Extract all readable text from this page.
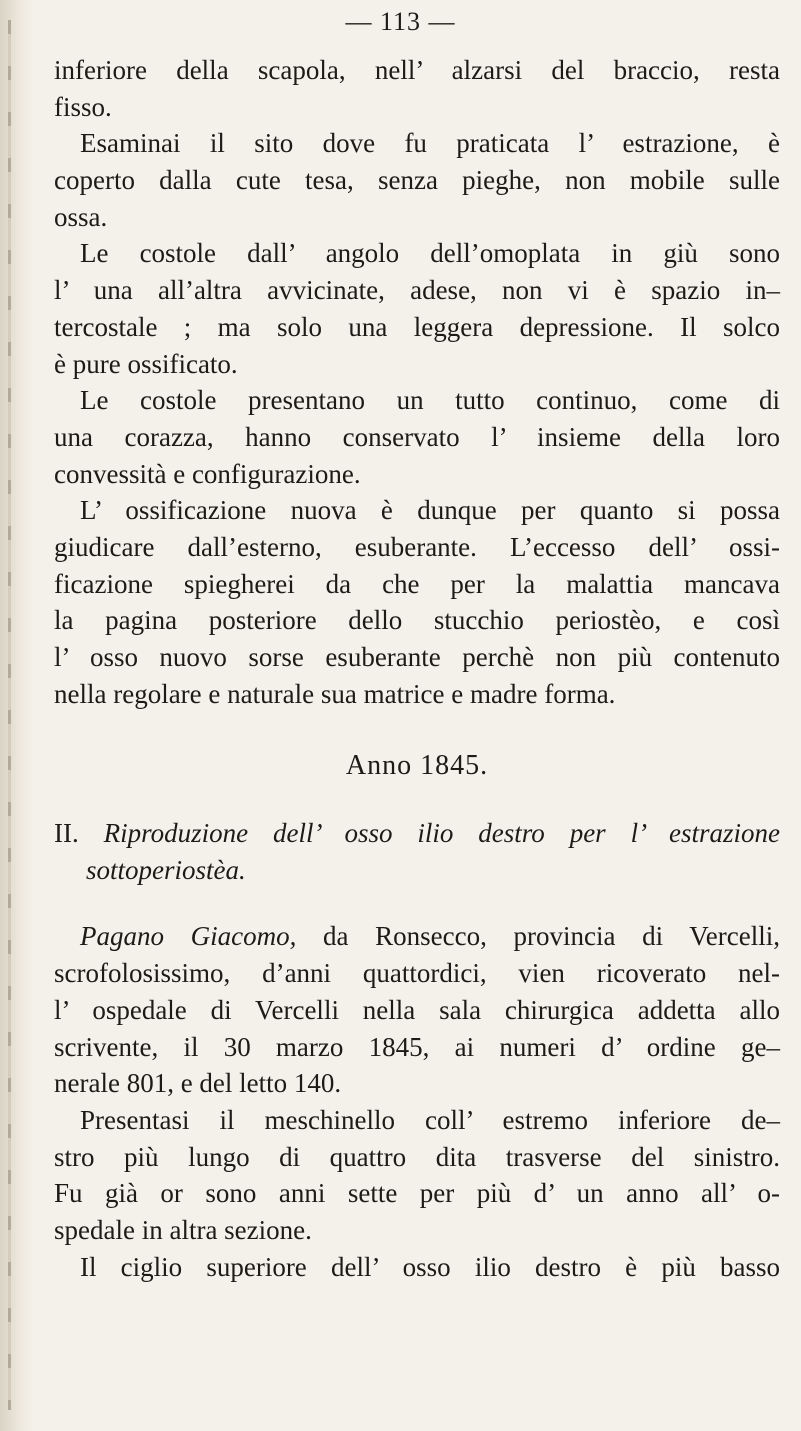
— 113 —
inferiore della scapola, nell’ alzarsi del braccio, resta
fisso.
Esaminai il sito dove fu praticata l’ estrazione, è
coperto dalla cute tesa, senza pieghe, non mobile sulle
ossa.
Le costole dall’ angolo dell’omoplata in giù sono
l’ una all’altra avvicinate, adese, non vi è spazio in–
tercostale ; ma solo una leggera depressione. Il solco
è pure ossificato.
Le costole presentano un tutto continuo, come di
una corazza, hanno conservato l’ insieme della loro
convessità e configurazione.
L’ ossificazione nuova è dunque per quanto si possa
giudicare dall’esterno, esuberante. L’eccesso dell’ ossi-
ficazione spiegherei da che per la malattia mancava
la pagina posteriore dello stucchio periostèo, e così
l’ osso nuovo sorse esuberante perchè non più contenuto
nella regolare e naturale sua matrice e madre forma.
Anno 1845.
II. Riproduzione dell’ osso ilio destro per l’ estrazione
sottoperiostèa.
Pagano Giacomo, da Ronsecco, provincia di Vercelli,
scrofolosissimo, d’anni quattordici, vien ricoverato nel-
l’ ospedale di Vercelli nella sala chirurgica addetta allo
scrivente, il 30 marzo 1845, ai numeri d’ ordine ge–
nerale 801, e del letto 140.
Presentasi il meschinello coll’ estremo inferiore de–
stro più lungo di quattro dita trasverse del sinistro.
Fu già or sono anni sette per più d’ un anno all’ o-
spedale in altra sezione.
Il ciglio superiore dell’ osso ilio destro è più basso
